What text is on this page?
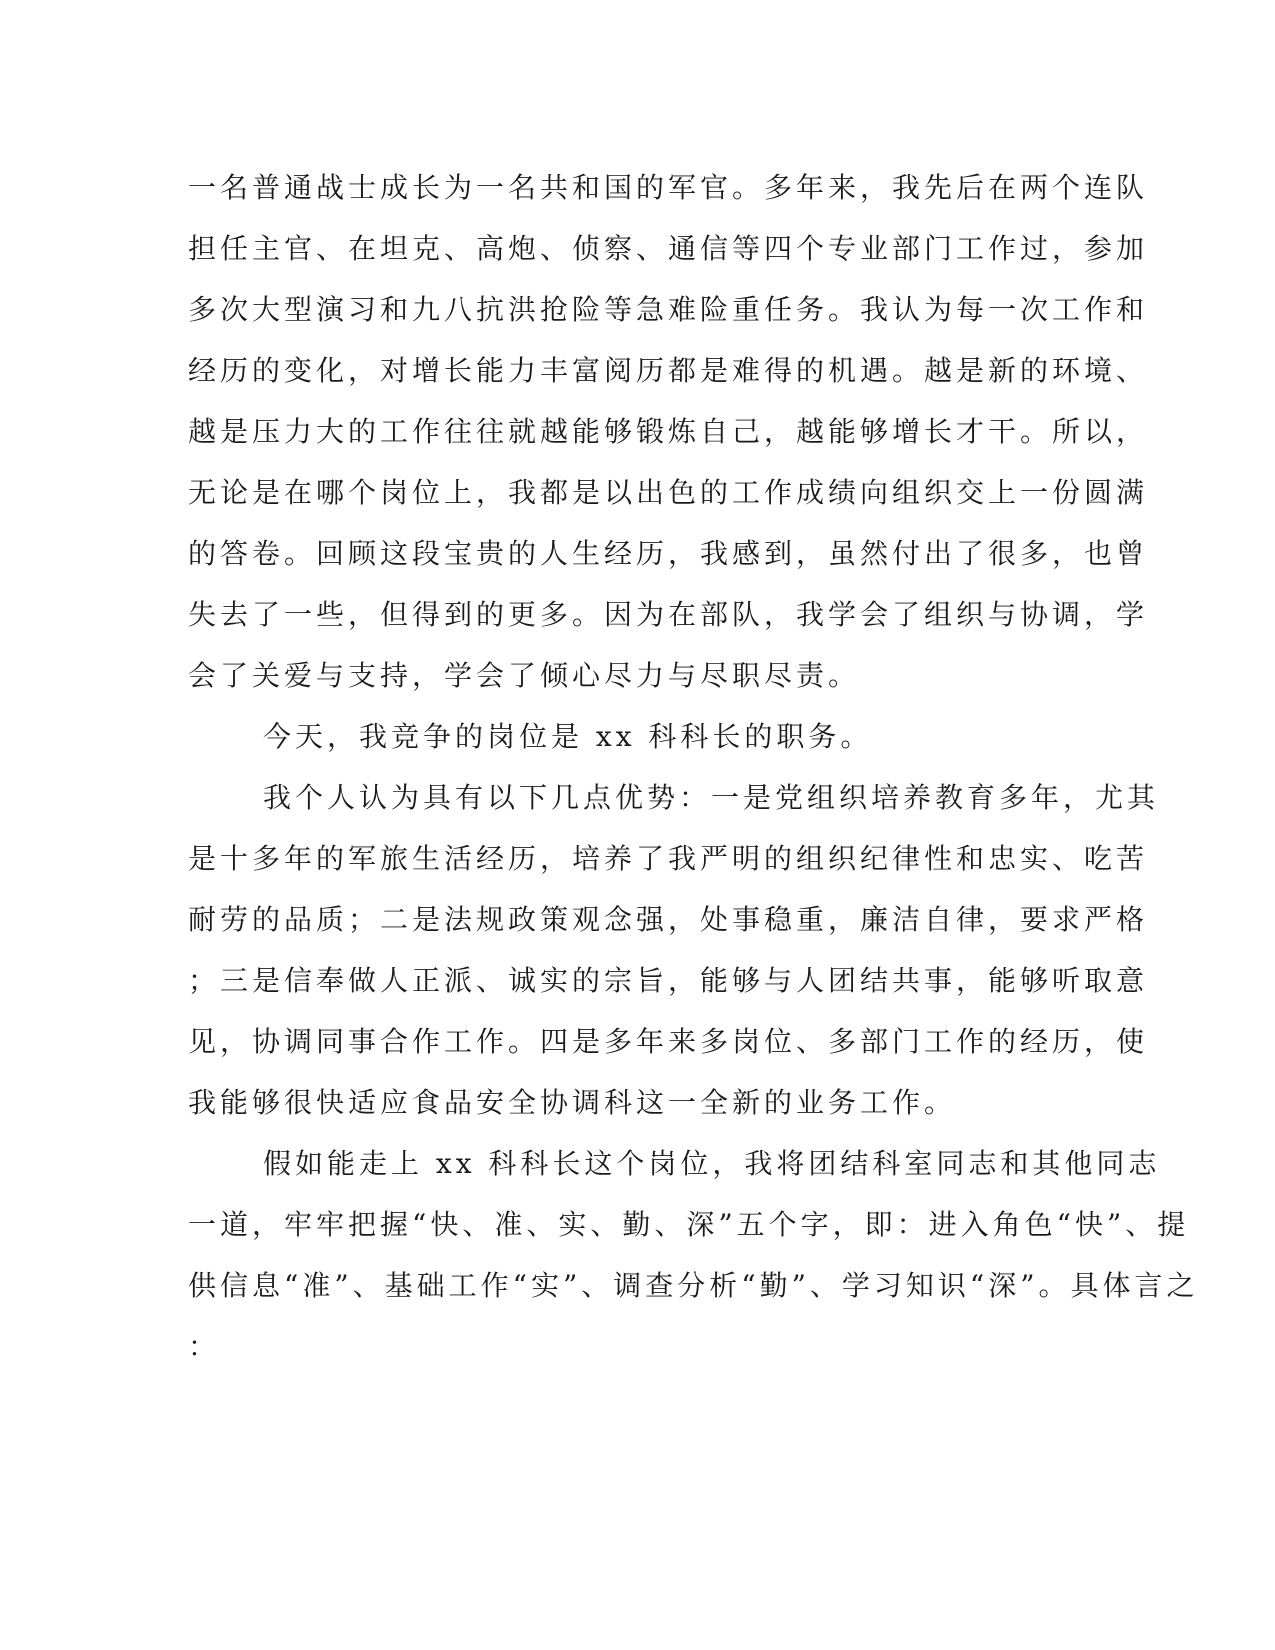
一名普通战士成长为一名共和国的军官。多年来，我先后在两个连队
担任主官、在坦克、高炮、侦察、通信等四个专业部门工作过，参加
多次大型演习和九八抗洪抢险等急难险重任务。我认为每一次工作和
经历的变化，对增长能力丰富阅历都是难得的机遇。越是新的环境、
越是压力大的工作往往就越能够锻炼自己，越能够增长才干。所以，
无论是在哪个岗位上，我都是以出色的工作成绩向组织交上一份圆满
的答卷。回顾这段宝贵的人生经历，我感到，虽然付出了很多，也曾
失去了一些，但得到的更多。因为在部队，我学会了组织与协调，学
会了关爱与支持，学会了倾心尽力与尽职尽责。
今天，我竞争的岗位是 xx 科科长的职务。
我个人认为具有以下几点优势：一是党组织培养教育多年，尤其
是十多年的军旅生活经历，培养了我严明的组织纪律性和忠实、吃苦
耐劳的品质；二是法规政策观念强，处事稳重，廉洁自律，要求严格
；三是信奉做人正派、诚实的宗旨，能够与人团结共事，能够听取意
见，协调同事合作工作。四是多年来多岗位、多部门工作的经历，使
我能够很快适应食品安全协调科这一全新的业务工作。
假如能走上 xx 科科长这个岗位，我将团结科室同志和其他同志
一道，牢牢把握“快、准、实、勤、深”五个字，即：进入角色“快”、提
供信息“准”、基础工作“实”、调查分析“勤”、学习知识“深”。具体言之
：
